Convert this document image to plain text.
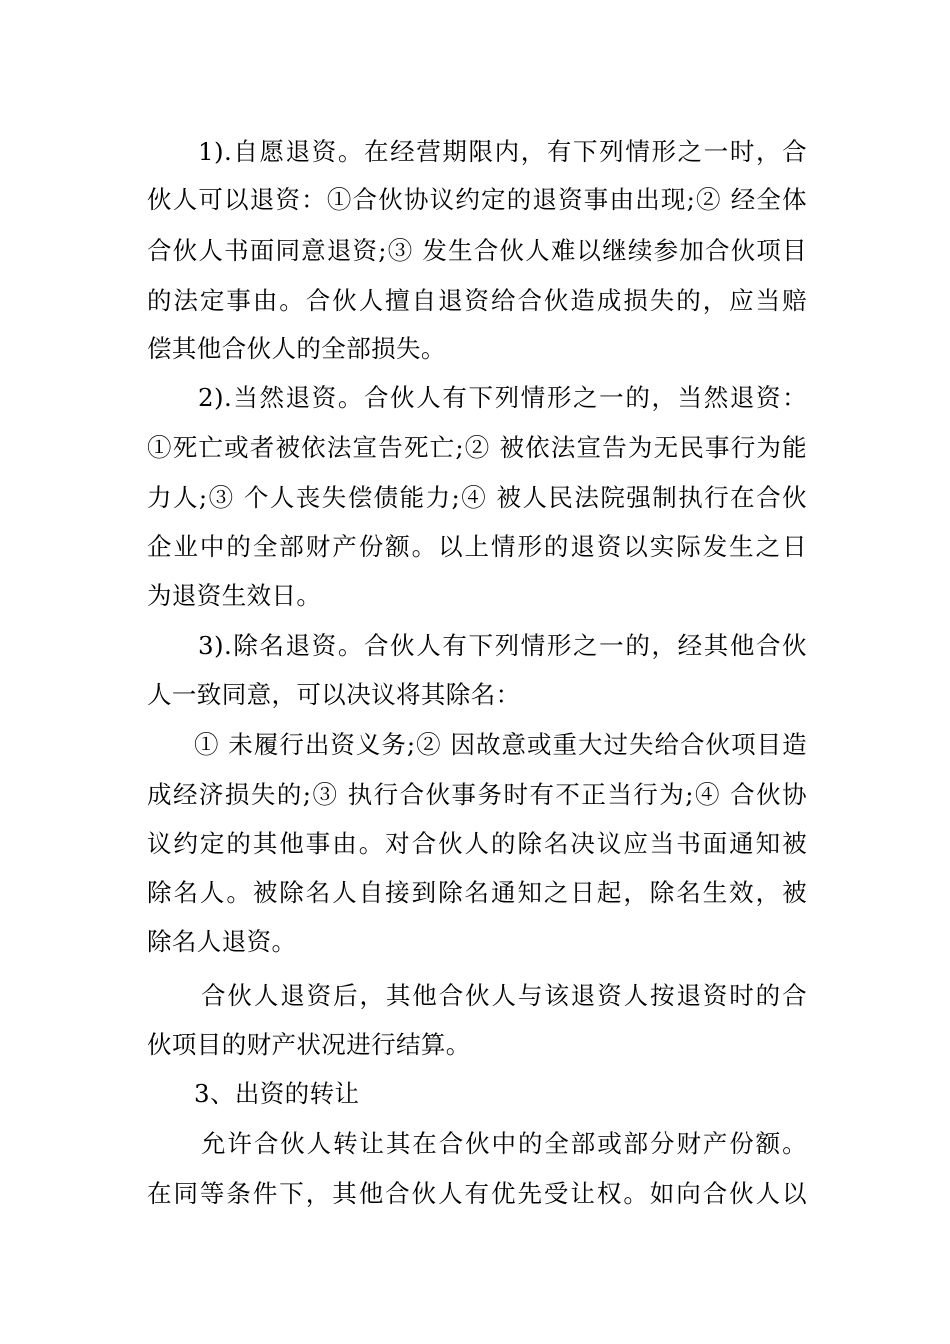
1).自愿退资。在经营期限内，有下列情形之一时，合
伙人可以退资：①合伙协议约定的退资事由出现;② 经全体
合伙人书面同意退资;③ 发生合伙人难以继续参加合伙项目
的法定事由。合伙人擅自退资给合伙造成损失的，应当赔
偿其他合伙人的全部损失。
2).当然退资。合伙人有下列情形之一的，当然退资：
①死亡或者被依法宣告死亡;② 被依法宣告为无民事行为能
力人;③ 个人丧失偿债能力;④ 被人民法院强制执行在合伙
企业中的全部财产份额。以上情形的退资以实际发生之日
为退资生效日。
3).除名退资。合伙人有下列情形之一的，经其他合伙
人一致同意，可以决议将其除名：
① 未履行出资义务;② 因故意或重大过失给合伙项目造
成经济损失的;③ 执行合伙事务时有不正当行为;④ 合伙协
议约定的其他事由。对合伙人的除名决议应当书面通知被
除名人。被除名人自接到除名通知之日起，除名生效，被
除名人退资。
合伙人退资后，其他合伙人与该退资人按退资时的合
伙项目的财产状况进行结算。
3、出资的转让
允许合伙人转让其在合伙中的全部或部分财产份额。
在同等条件下，其他合伙人有优先受让权。如向合伙人以
